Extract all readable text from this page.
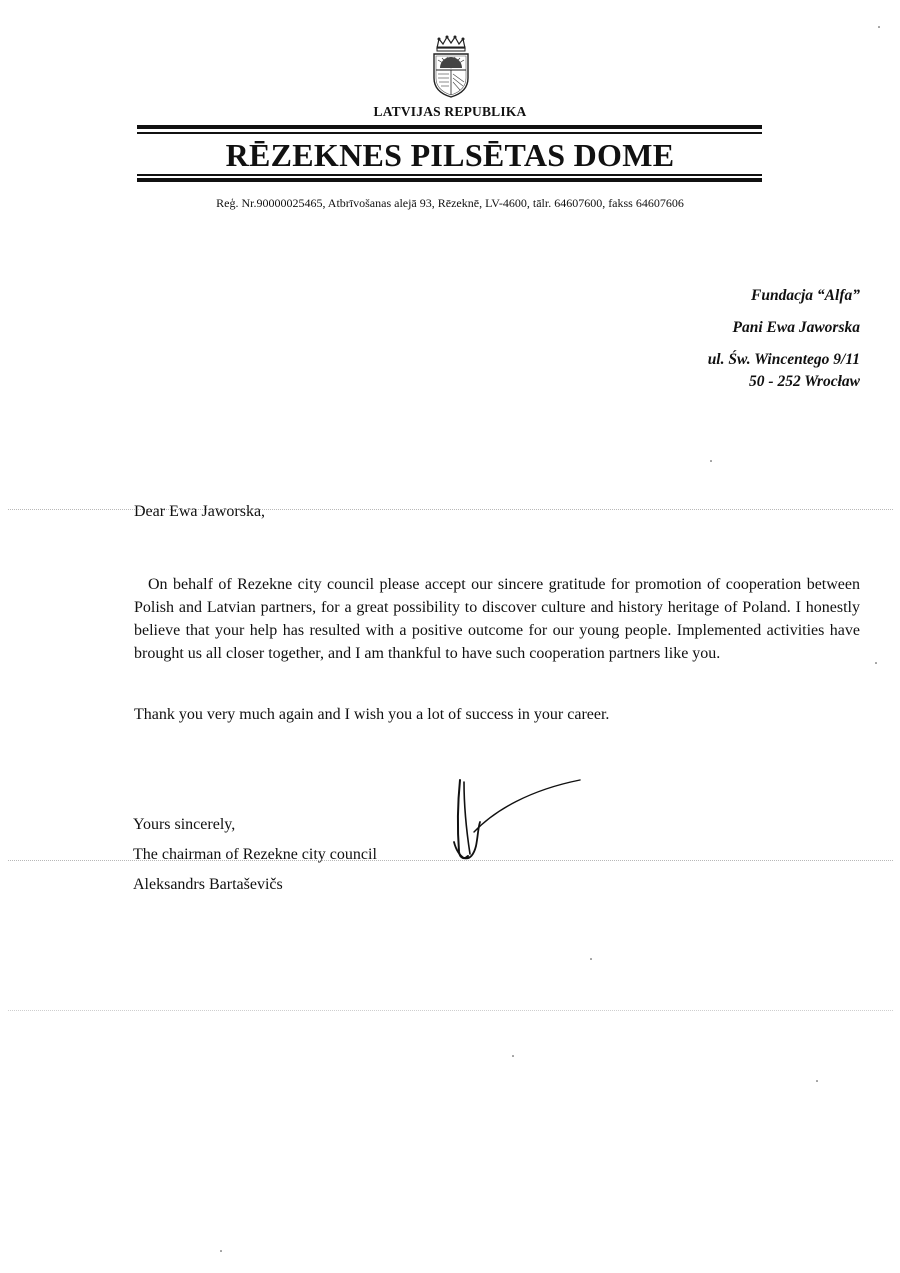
LATVIJAS REPUBLIKA
RĒZEKNES PILSĒTAS DOME
Reģ. Nr.90000025465, Atbrīvošanas alejā 93, Rēzeknē, LV-4600, tālr. 64607600, fakss 64607606
Fundacja “Alfa”
Pani Ewa Jaworska
ul. Św. Wincentego 9/11
50 - 252 Wrocław
Dear Ewa Jaworska,

On behalf of Rezekne city council please accept our sincere gratitude for promotion of cooperation between Polish and Latvian partners, for a great possibility to discover culture and history heritage of Poland. I honestly believe that your help has resulted with a positive outcome for our young people. Implemented activities have brought us all closer together, and I am thankful to have such cooperation partners like you.

Thank you very much again and I wish you a lot of success in your career.
Yours sincerely,
The chairman of Rezekne city council
Aleksandrs Bartaševičs
